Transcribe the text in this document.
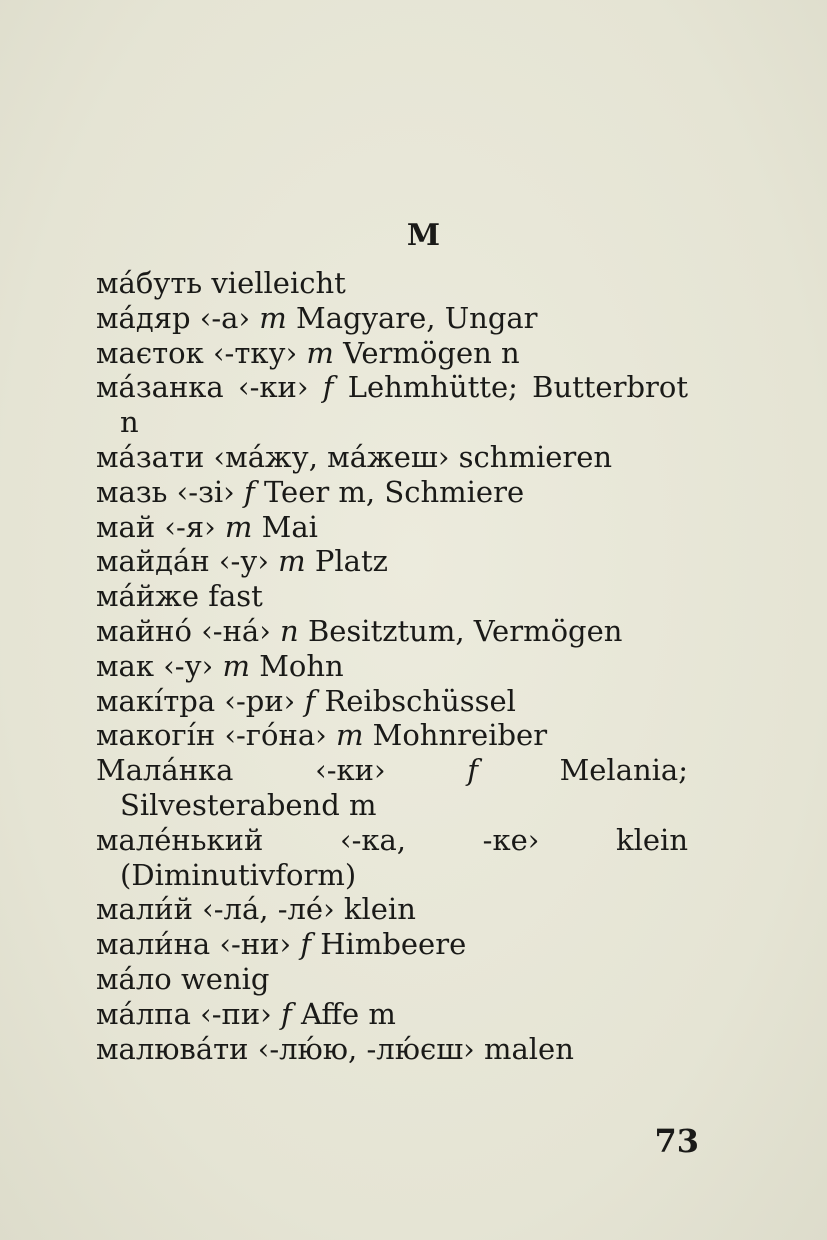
M
ма́буть vielleicht
ма́дяр ‹-а› m Magyare, Ungar
маєток ‹-тку› m Vermögen n
ма́занка ‹-ки› f Lehmhütte; Butterbrot n
ма́зати ‹ма́жу, ма́жеш› schmieren
мазь ‹-зі› f Teer m, Schmiere
май ‹-я› m Mai
майда́н ‹-у› m Platz
ма́йже fast
майно́ ‹-на́› n Besitztum, Vermögen
мак ‹-у› m Mohn
макі́тра ‹-ри› f Reibschüssel
макогі́н ‹-го́на› m Mohnreiber
Мала́нка	‹-ки›	f	Melania; Silvesterabend m
мале́нький	‹-ка, -ке›	klein (Diminutivform)
мали́й ‹-ла́, -ле́› klein
мали́на ‹-ни› f Himbeere
ма́ло wenig
ма́лпа ‹-пи› f Affe m
малюва́ти ‹-лю́ю, -лю́єш› malen
73
